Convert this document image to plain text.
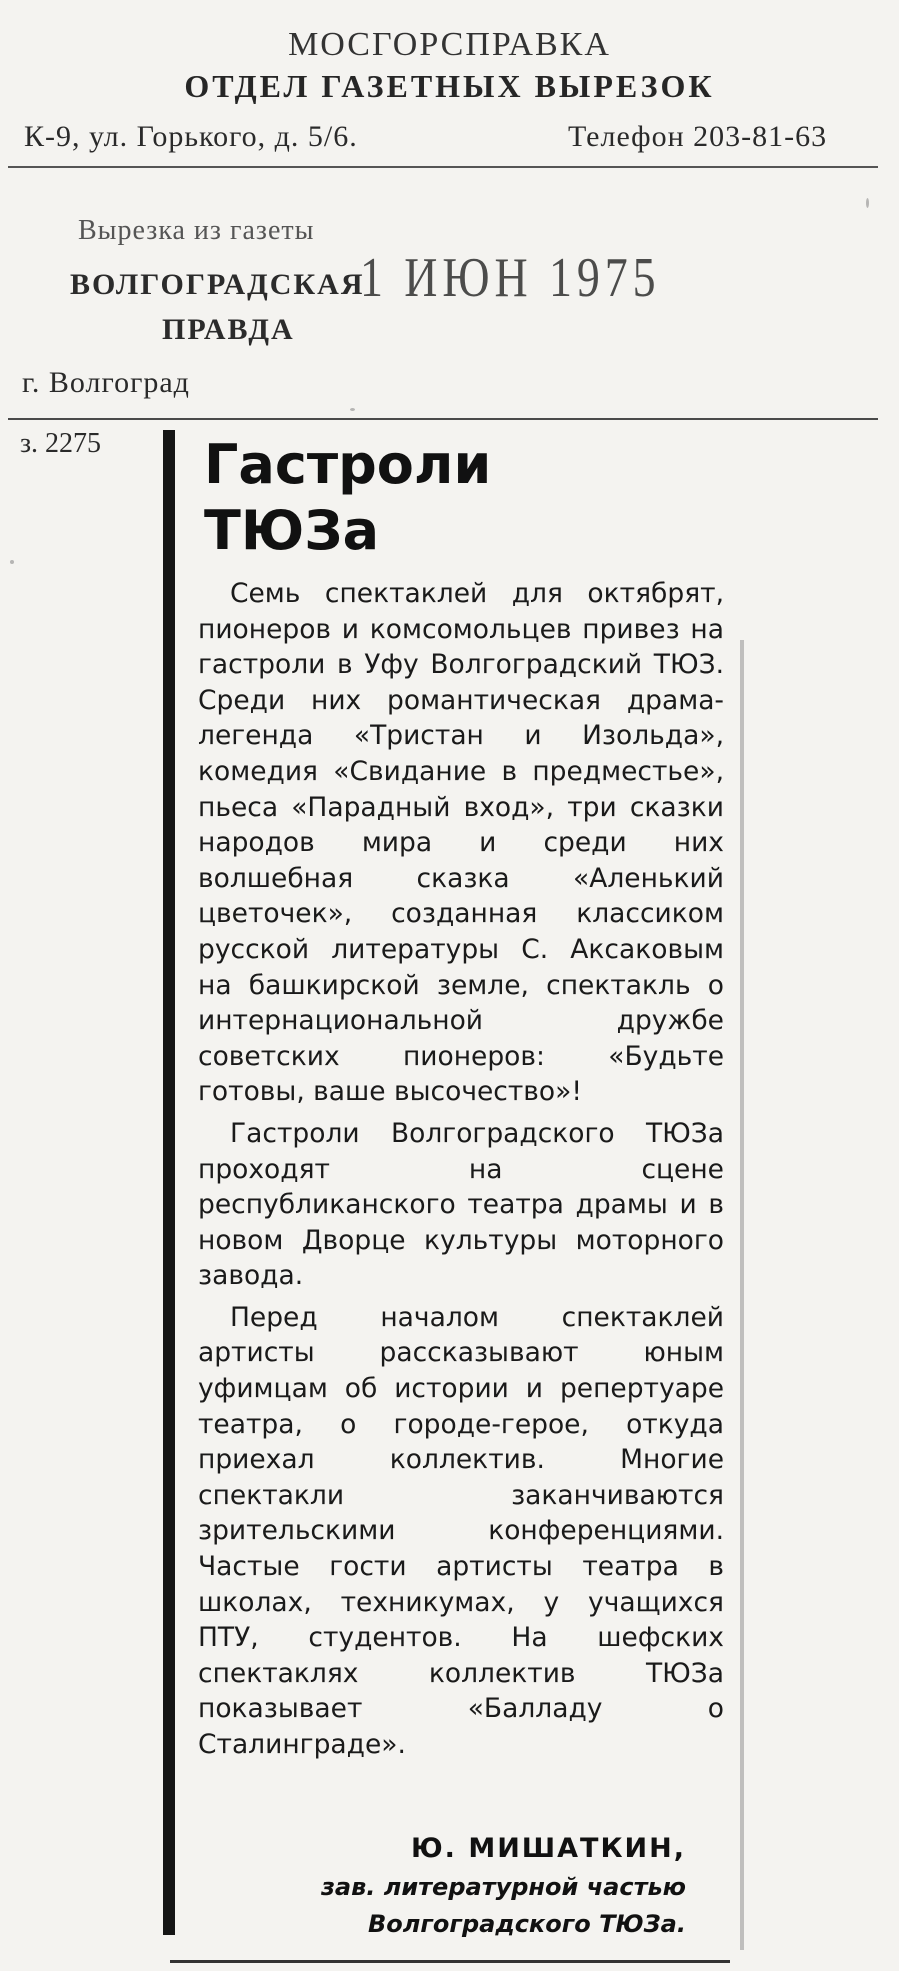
МОСГОРСПРАВКА
ОТДЕЛ ГАЗЕТНЫХ ВЫРЕЗОК
К-9, ул. Горького, д. 5/6.	Телефон 203-81-63
Вырезка из газеты
ВОЛГОГРАДСКАЯ
ПРАВДА
1 ИЮН 1975
г. Волгоград
з. 2275 Гастроли
ТЮЗа

Семь спектаклей для октябрят, пионеров и комсомольцев привез на гастроли в Уфу Волгоградский ТЮЗ. Среди них романтическая драма-легенда «Тристан и Изольда», комедия «Свидание в предместье», пьеса «Парадный вход», три сказки народов мира и среди них волшебная сказка «Аленький цветочек», созданная классиком русской литературы С. Аксаковым на башкирской земле, спектакль о интернациональной дружбе советских пионеров: «Будьте готовы, ваше высочество»!

Гастроли Волгоградского ТЮЗа проходят на сцене республиканского театра драмы и в новом Дворце культуры моторного завода.

Перед началом спектаклей артисты рассказывают юным уфимцам об истории и репертуаре театра, о городе-герое, откуда приехал коллектив. Многие спектакли заканчиваются зрительскими конференциями. Частые гости артисты театра в школах, техникумах, у учащихся ПТУ, студентов. На шефских спектаклях коллектив ТЮЗа показывает «Балладу о Сталинграде».

Ю. МИШАТКИН,
зав. литературной частью
Волгоградского ТЮЗа.
